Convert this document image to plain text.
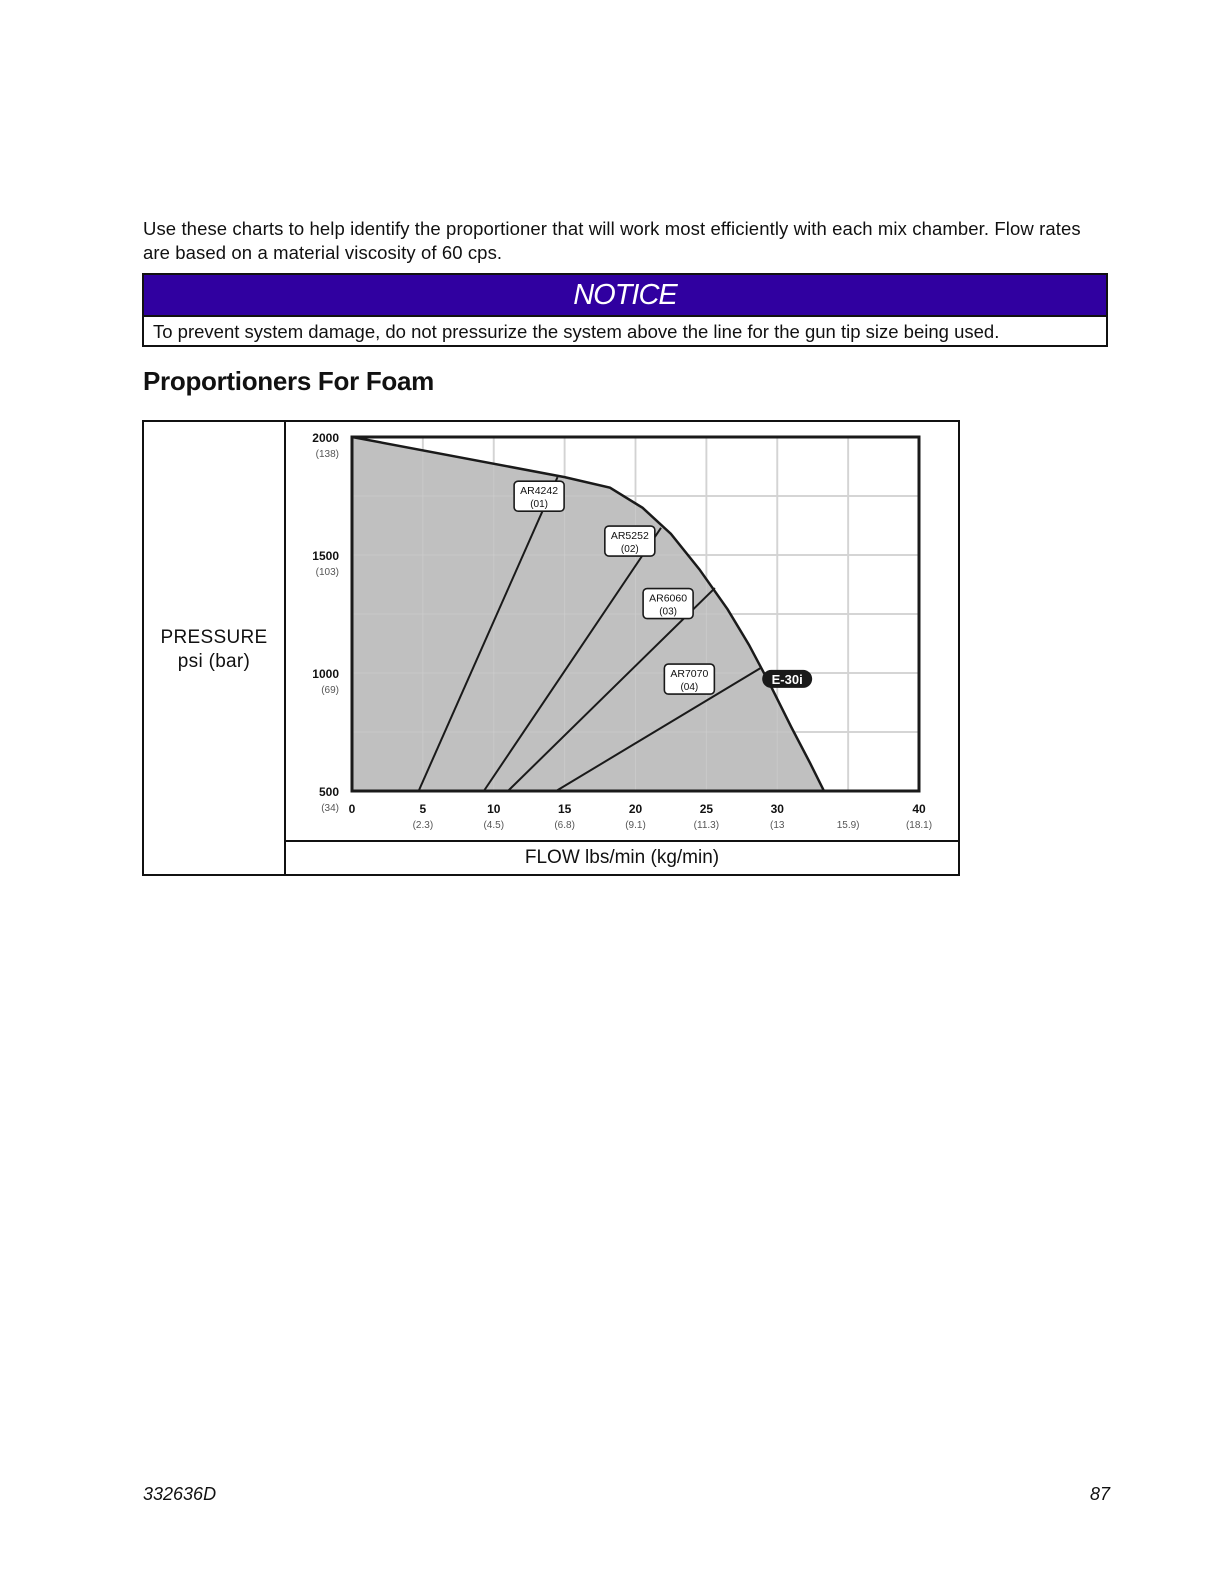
Use these charts to help identify the proportioner that will work most efficiently with each mix chamber. Flow rates are based on a material viscosity of 60 cps.

NOTICE
To prevent system damage, do not pressurize the system above the line for the gun tip size being used.
Proportioners For Foam
PRESSURE
psi (bar)
FLOW lbs/min (kg/min)
AR4242
(01)
AR5252
(02)
AR6060
(03)
AR7070
(04)
E-30i
2000
(138)
1500
(103)
1000
(69)
500
(34) 0	5
(2.3)
10
(4.5)
15
(6.8)
20
(9.1)
25
(11.3)
30
(13	15.9)
40
(18.1)
332636D	87
